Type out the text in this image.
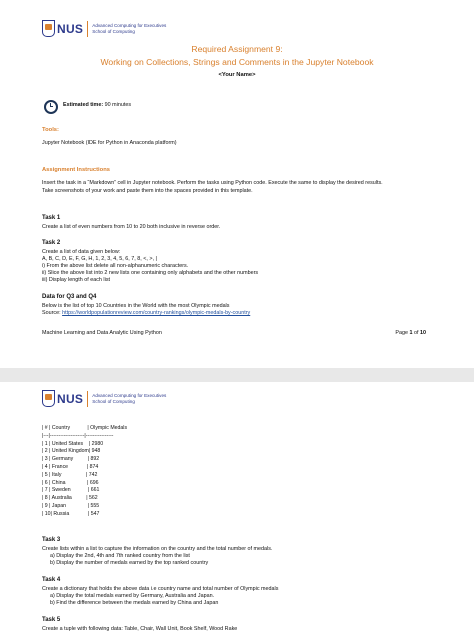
NUS Advanced Computing for Executives
School of Computing
Required Assignment 9:
Working on Collections, Strings and Comments in the Jupyter Notebook
<Your Name>
Estimated time: 90 minutes
Tools:
Jupyter Notebook (IDE for Python in Anaconda platform)
Assignment Instructions
Insert the task in a “Markdown” cell in Jupyter notebook. Perform the tasks using Python code. Execute the same to display the desired results.
Take screenshots of your work and paste them into the spaces provided in this template.
Task 1
Create a list of even numbers from 10 to 20 both inclusive in reverse order.
Task 2
Create a list of data given below:
A, B, C, D, E, F, G, H, 1, 2, 3, 4, 5, 6, 7, 8, <, >, |
i) From the above list delete all non-alphanumeric characters.
ii) Slice the above list into 2 new lists one containing only alphabets and the other numbers
iii) Display length of each list
Data for Q3 and Q4
Below is the list of top 10 Countries in the World with the most Olympic medals
Source: https://worldpopulationreview.com/country-rankings/olympic-medals-by-country
Machine Learning and Data Analytic Using Python	Page 1 of 10
NUS Advanced Computing for Executives
School of Computing
| # | Country            | Olympic Medals
|---|--------------------|----------------
| 1 | United States    | 2980
| 2 | United Kingdom| 948
| 3 | Germany          | 892
| 4 | France             | 874
| 5 | Italy                 | 742
| 6 | China               | 696
| 7 | Sweden            | 661
| 8 | Australia          | 562
| 9 | Japan               | 555
| 10| Russia             | 547
Task 3
Create lists within a list to capture the information on the country and the total number of medals.
a) Display the 2nd, 4th and 7th ranked country from the list
b) Display the number of medals earned by the top ranked country
Task 4
Create a dictionary that holds the above data i.e country name and total number of Olympic medals
a) Display the total medals earned by Germany, Australia and Japan.
b) Find the difference between the medals earned by China and Japan
Task 5
Create a tuple with following data: Table, Chair, Wall Unit, Book Shelf, Wood Rake
